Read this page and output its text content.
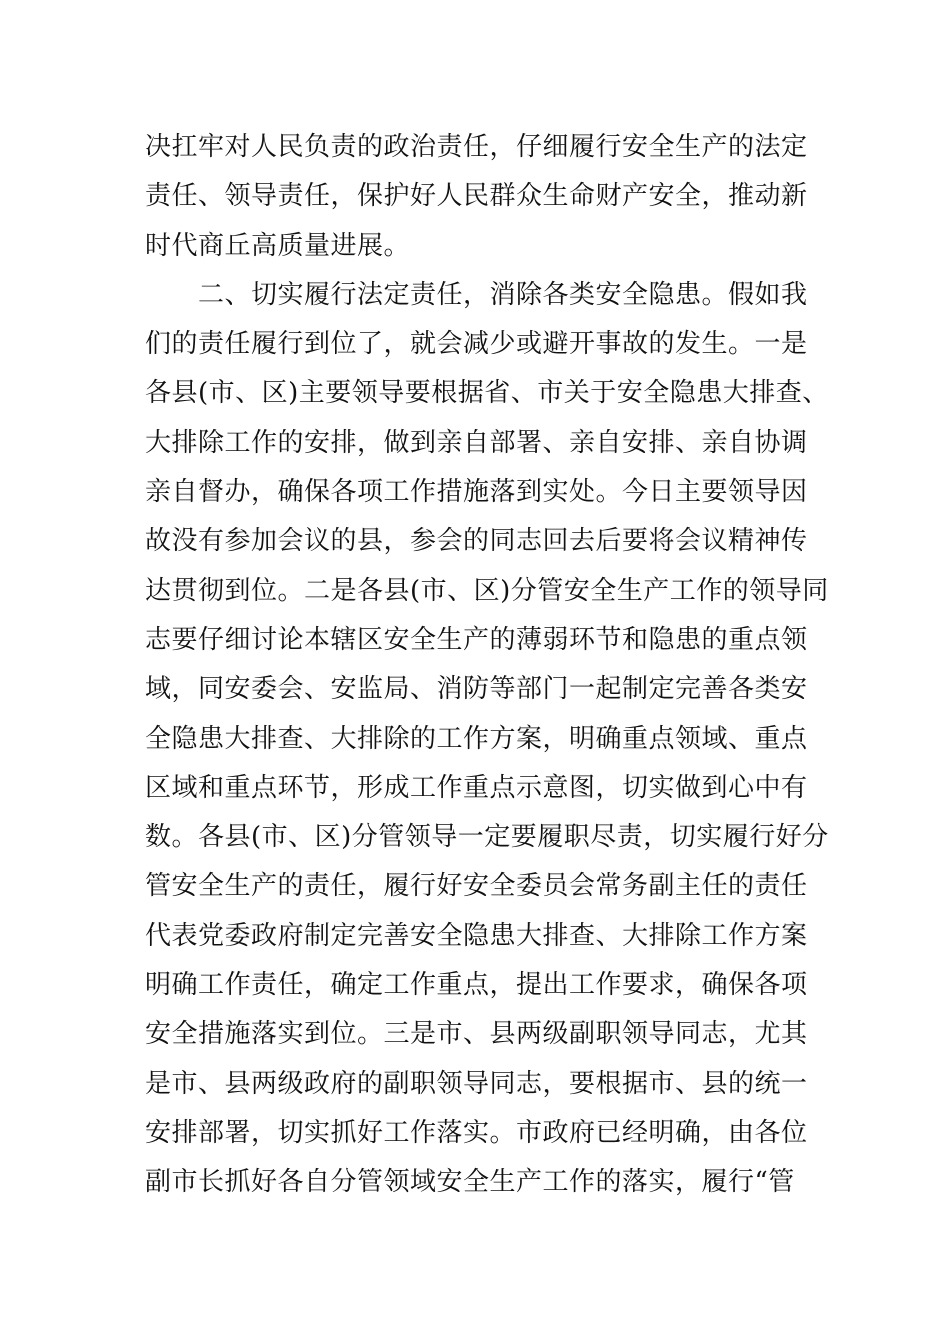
决扛牢对人民负责的政治责任，仔细履行安全生产的法定
责任、领导责任，保护好人民群众生命财产安全，推动新
时代商丘高质量进展。
　　二、切实履行法定责任，消除各类安全隐患。假如我
们的责任履行到位了，就会减少或避开事故的发生。一是
各县(市、区)主要领导要根据省、市关于安全隐患大排查、
大排除工作的安排，做到亲自部署、亲自安排、亲自协调
亲自督办，确保各项工作措施落到实处。今日主要领导因
故没有参加会议的县，参会的同志回去后要将会议精神传
达贯彻到位。二是各县(市、区)分管安全生产工作的领导同
志要仔细讨论本辖区安全生产的薄弱环节和隐患的重点领
域，同安委会、安监局、消防等部门一起制定完善各类安
全隐患大排查、大排除的工作方案，明确重点领域、重点
区域和重点环节，形成工作重点示意图，切实做到心中有
数。各县(市、区)分管领导一定要履职尽责，切实履行好分
管安全生产的责任，履行好安全委员会常务副主任的责任
代表党委政府制定完善安全隐患大排查、大排除工作方案
明确工作责任，确定工作重点，提出工作要求，确保各项
安全措施落实到位。三是市、县两级副职领导同志，尤其
是市、县两级政府的副职领导同志，要根据市、县的统一
安排部署，切实抓好工作落实。市政府已经明确，由各位
副市长抓好各自分管领域安全生产工作的落实，履行“管
